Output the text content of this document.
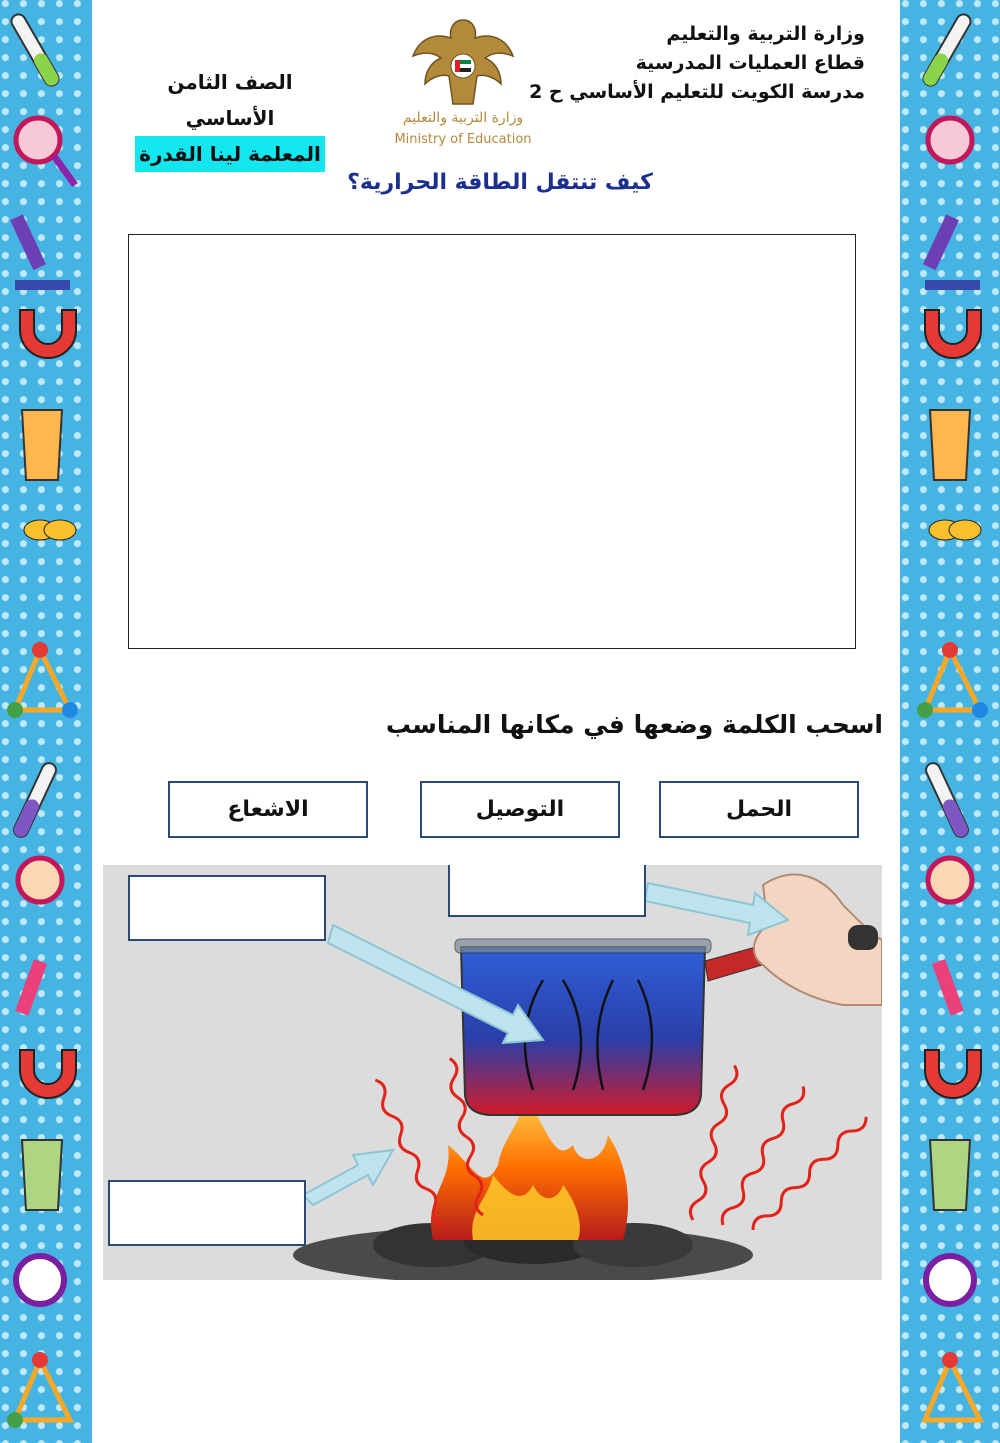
وزارة التربية والتعليم
قطاع العمليات المدرسية
مدرسة الكويت للتعليم الأساسي ح 2
الصف الثامن الأساسي
المعلمة لينا القدرة
وزارة التربية والتعليم
Ministry of Education
كيف تنتقل الطاقة الحرارية؟
اسحب الكلمة وضعها في مكانها المناسب
الاشعاع	التوصيل	الحمل
